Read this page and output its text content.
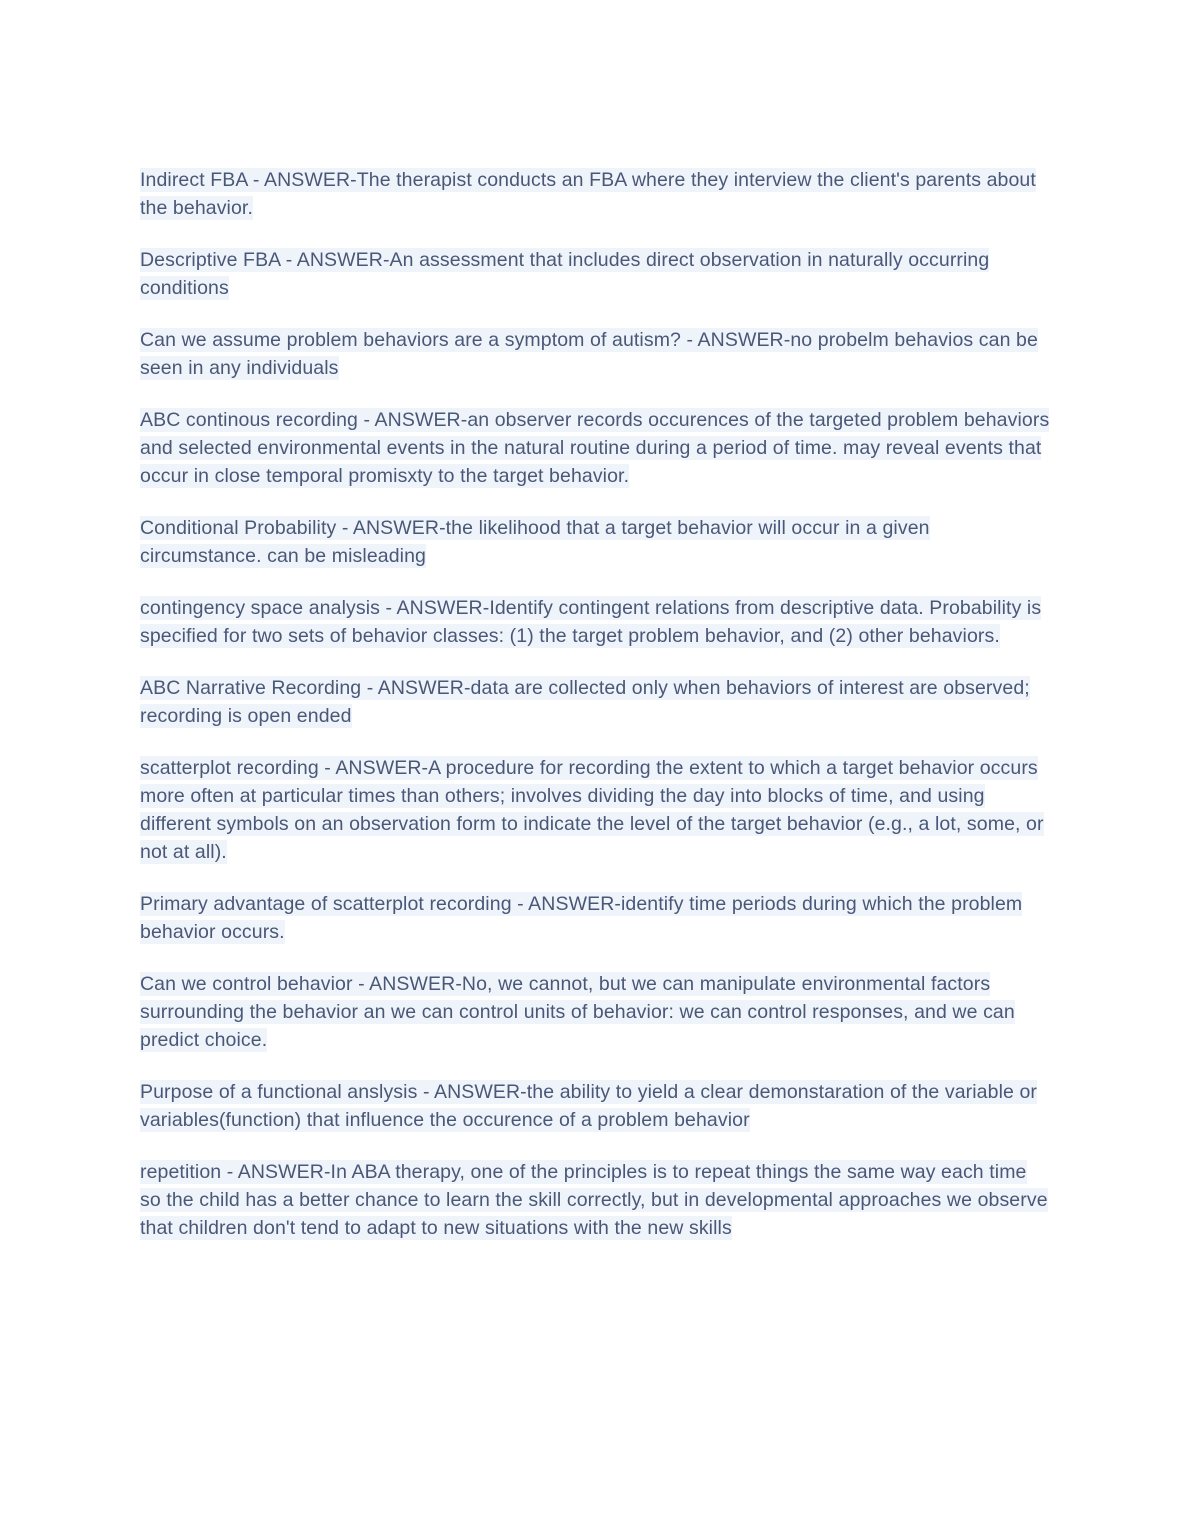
Indirect FBA - ANSWER-The therapist conducts an FBA where they interview the client's parents about the behavior.

Descriptive FBA - ANSWER-An assessment that includes direct observation in naturally occurring conditions

Can we assume problem behaviors are a symptom of autism? - ANSWER-no probelm behavios can be seen in any individuals

ABC continous recording - ANSWER-an observer records occurences of the targeted problem behaviors and selected environmental events in the natural routine during a period of time. may reveal events that occur in close temporal promisxty to the target behavior.

Conditional Probability - ANSWER-the likelihood that a target behavior will occur in a given circumstance. can be misleading

contingency space analysis - ANSWER-Identify contingent relations from descriptive data. Probability is specified for two sets of behavior classes: (1) the target problem behavior, and (2) other behaviors.

ABC Narrative Recording - ANSWER-data are collected only when behaviors of interest are observed; recording is open ended

scatterplot recording - ANSWER-A procedure for recording the extent to which a target behavior occurs more often at particular times than others; involves dividing the day into blocks of time, and using different symbols on an observation form to indicate the level of the target behavior (e.g., a lot, some, or not at all).

Primary advantage of scatterplot recording - ANSWER-identify time periods during which the problem behavior occurs.

Can we control behavior - ANSWER-No, we cannot, but we can manipulate environmental factors surrounding the behavior an we can control units of behavior: we can control responses, and we can predict choice.

Purpose of a functional anslysis - ANSWER-the ability to yield a clear demonstaration of the variable or variables(function) that influence the occurence of a problem behavior

repetition - ANSWER-In ABA therapy, one of the principles is to repeat things the same way each time so the child has a better chance to learn the skill correctly, but in developmental approaches we observe that children don't tend to adapt to new situations with the new skills
